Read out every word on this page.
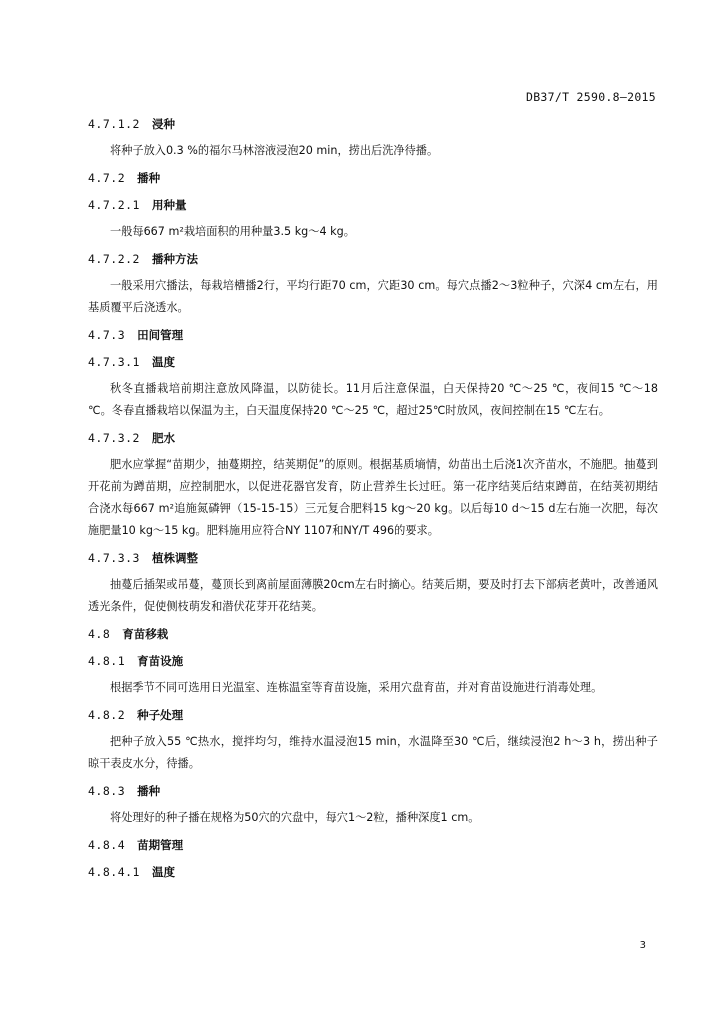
DB37/T 2590.8—2015
4.7.1.2 浸种

将种子放入0.3 %的福尔马林溶液浸泡20 min，捞出后洗净待播。

4.7.2 播种
4.7.2.1 用种量

一般每667 m²栽培面积的用种量3.5 kg～4 kg。

4.7.2.2 播种方法

一般采用穴播法，每栽培槽播2行，平均行距70 cm，穴距30 cm。每穴点播2～3粒种子，穴深4 cm左右，用基质覆平后浇透水。

4.7.3 田间管理
4.7.3.1 温度

秋冬直播栽培前期注意放风降温，以防徒长。11月后注意保温，白天保持20 ℃～25 ℃，夜间15 ℃～18 ℃。冬春直播栽培以保温为主，白天温度保持20 ℃～25 ℃，超过25℃时放风，夜间控制在15 ℃左右。

4.7.3.2 肥水

肥水应掌握“苗期少，抽蔓期控，结荚期促”的原则。根据基质墒情，幼苗出土后浇1次齐苗水，不施肥。抽蔓到开花前为蹲苗期，应控制肥水，以促进花器官发育，防止营养生长过旺。第一花序结荚后结束蹲苗，在结荚初期结合浇水每667 m²追施氮磷钾（15-15-15）三元复合肥料15 kg～20 kg。以后每10 d～15 d左右施一次肥，每次施肥量10 kg～15 kg。肥料施用应符合NY 1107和NY/T 496的要求。

4.7.3.3 植株调整

抽蔓后插架或吊蔓，蔓顶长到离前屋面薄膜20cm左右时摘心。结荚后期，要及时打去下部病老黄叶，改善通风透光条件，促使侧枝萌发和潜伏花芽开花结荚。

4.8 育苗移栽
4.8.1 育苗设施

根据季节不同可选用日光温室、连栋温室等育苗设施，采用穴盘育苗，并对育苗设施进行消毒处理。

4.8.2 种子处理

把种子放入55 ℃热水，搅拌均匀，维持水温浸泡15 min，水温降至30 ℃后，继续浸泡2 h～3 h，捞出种子晾干表皮水分，待播。

4.8.3 播种

将处理好的种子播在规格为50穴的穴盘中，每穴1～2粒，播种深度1 cm。

4.8.4 苗期管理
4.8.4.1 温度
3
